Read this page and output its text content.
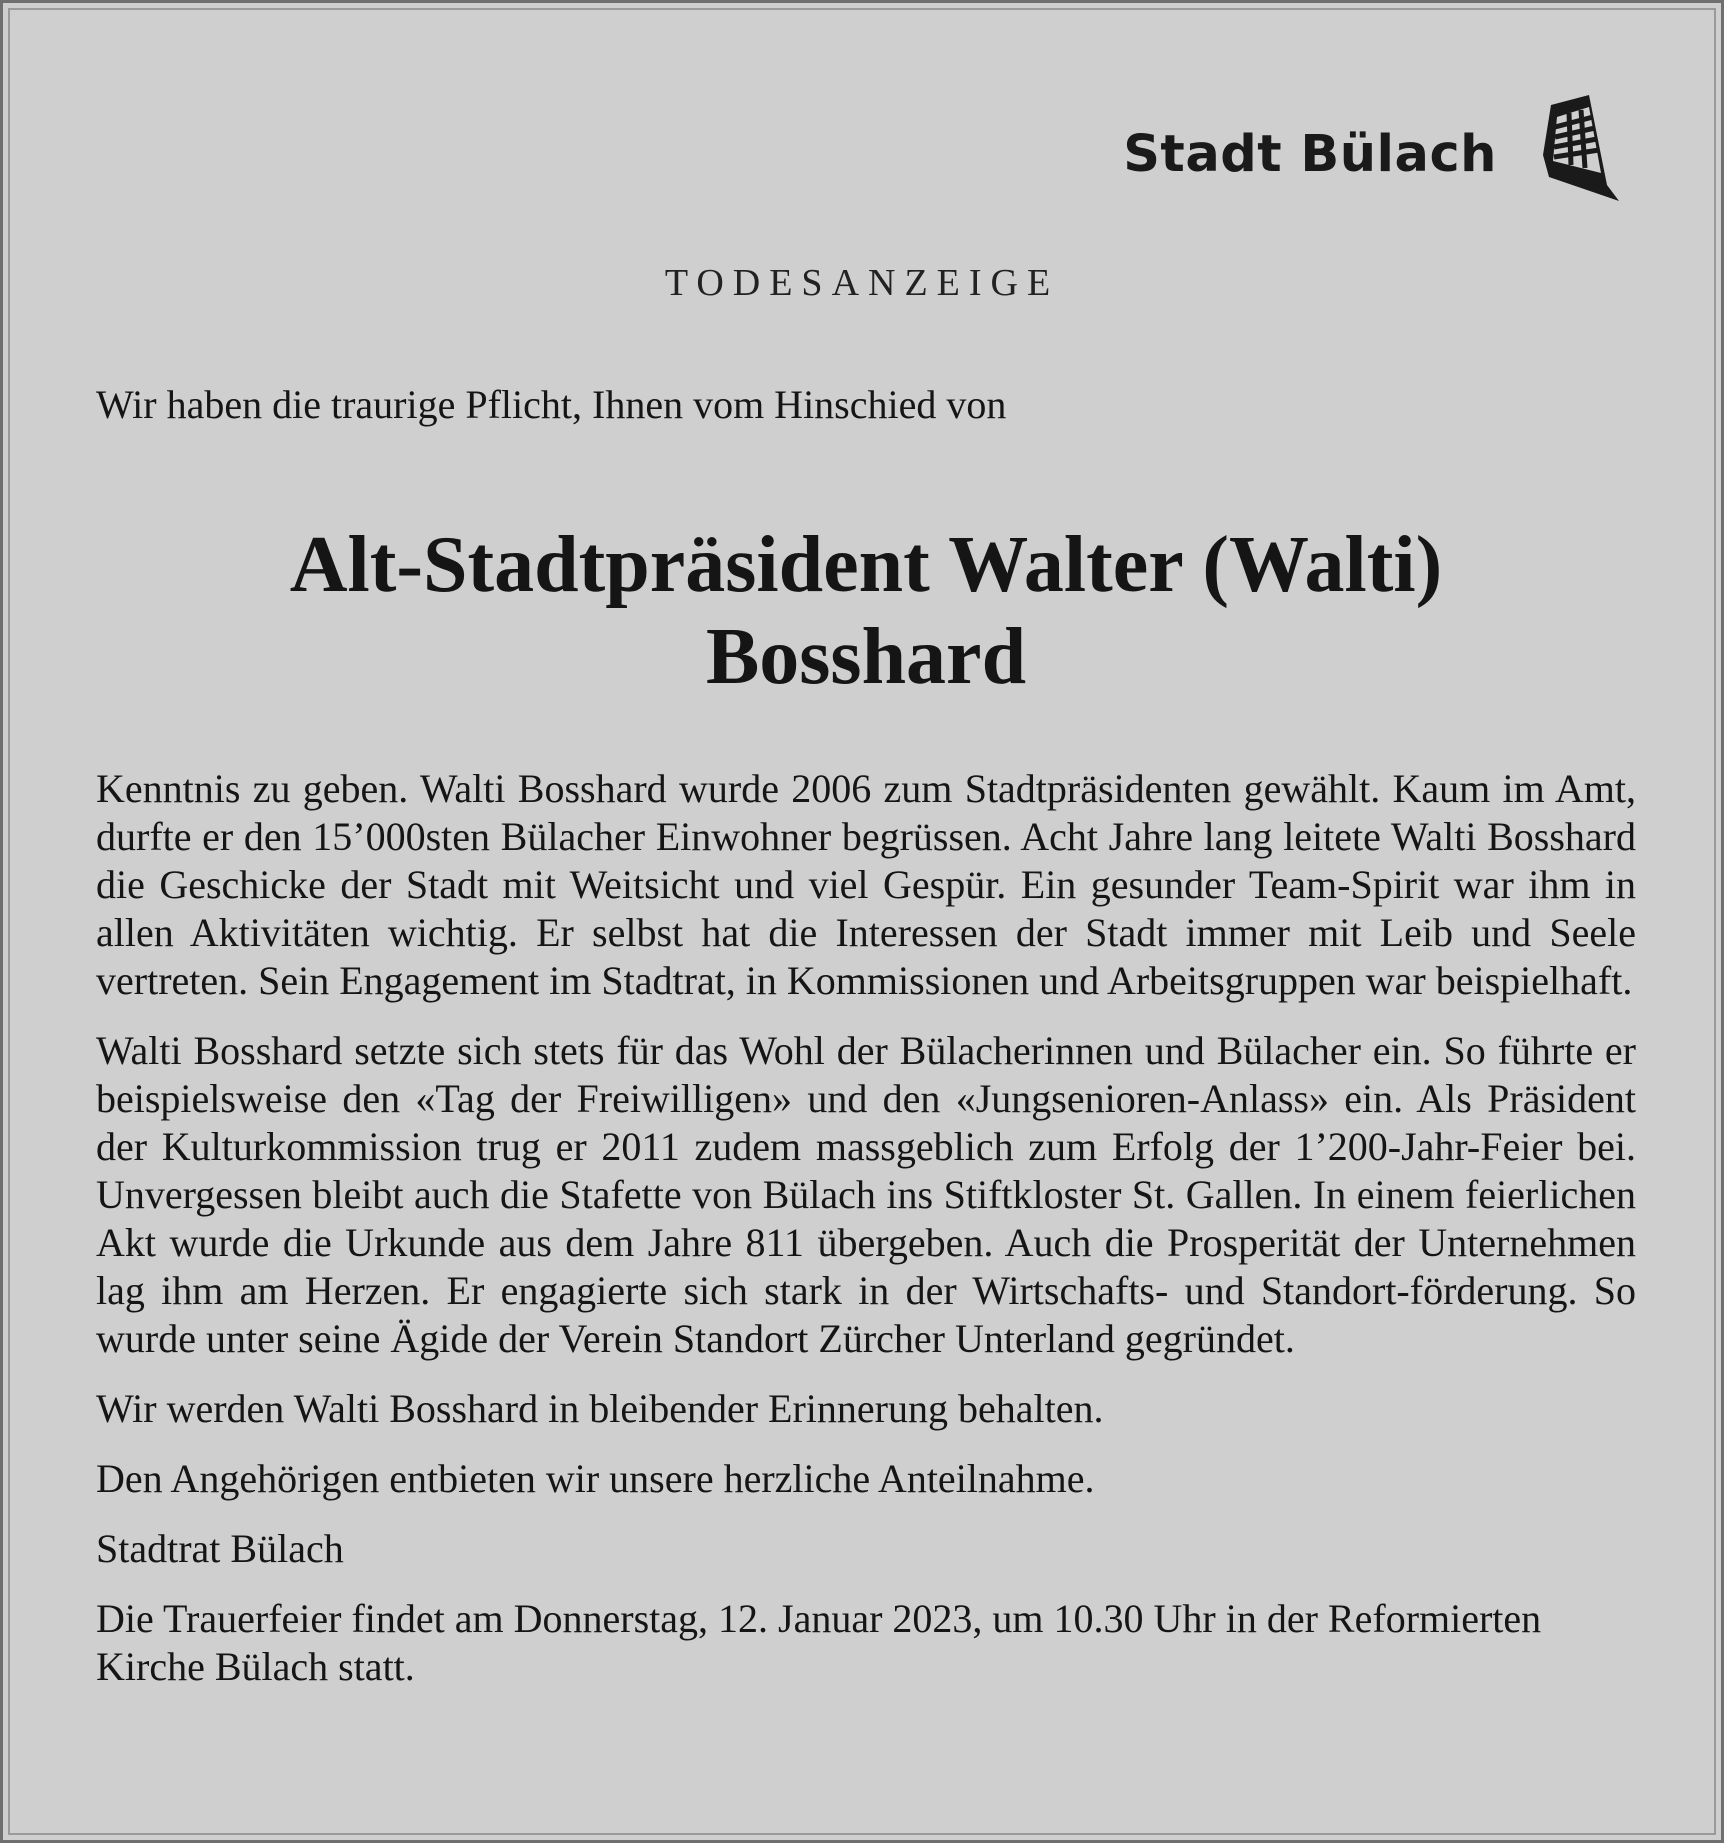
Stadt Bülach
TODESANZEIGE

Wir haben die traurige Pflicht, Ihnen vom Hinschied von

Alt-Stadtpräsident Walter (Walti)
Bosshard

Kenntnis zu geben. Walti Bosshard wurde 2006 zum Stadtpräsidenten gewählt. Kaum im Amt, durfte er den 15’000sten Bülacher Einwohner begrüssen. Acht Jahre lang leitete Walti Bosshard die Geschicke der Stadt mit Weitsicht und viel Gespür. Ein gesunder Team-Spirit war ihm in allen Aktivitäten wichtig. Er selbst hat die Interessen der Stadt immer mit Leib und Seele vertreten. Sein Engagement im Stadtrat, in Kommissionen und Arbeitsgruppen war beispielhaft.

Walti Bosshard setzte sich stets für das Wohl der Bülacherinnen und Bülacher ein. So führte er beispielsweise den «Tag der Freiwilligen» und den «Jungsenioren-Anlass» ein. Als Präsident der Kulturkommission trug er 2011 zudem massgeblich zum Erfolg der 1’200-Jahr-Feier bei. Unvergessen bleibt auch die Stafette von Bülach ins Stiftkloster St. Gallen. In einem feierlichen Akt wurde die Urkunde aus dem Jahre 811 übergeben. Auch die Prosperität der Unternehmen lag ihm am Herzen. Er engagierte sich stark in der Wirtschafts- und Standort-förderung. So wurde unter seine Ägide der Verein Standort Zürcher Unterland gegründet.

Wir werden Walti Bosshard in bleibender Erinnerung behalten.

Den Angehörigen entbieten wir unsere herzliche Anteilnahme.

Stadtrat Bülach

Die Trauerfeier findet am Donnerstag, 12. Januar 2023, um 10.30 Uhr in der Reformierten
Kirche Bülach statt.
